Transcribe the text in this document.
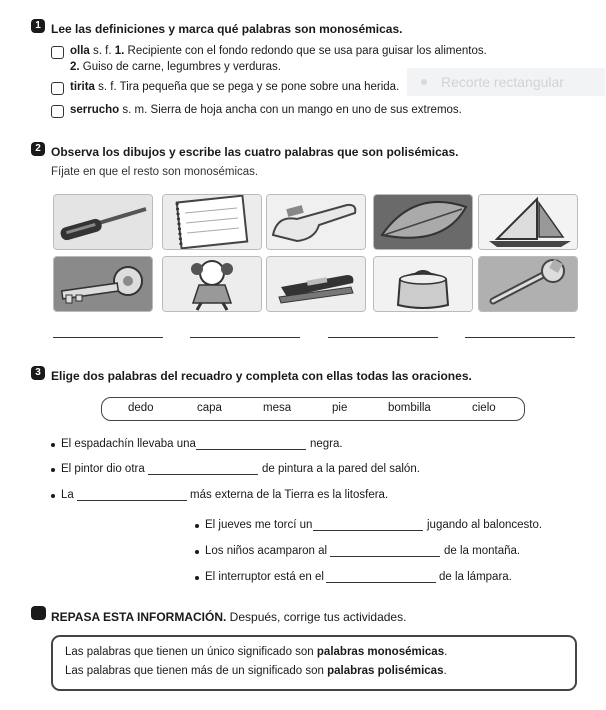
Recorte rectangular
1 Lee las definiciones y marca qué palabras son monosémicas.
olla s. f. 1. Recipiente con el fondo redondo que se usa para guisar los alimentos.
2. Guiso de carne, legumbres y verduras.
tirita s. f. Tira pequeña que se pega y se pone sobre una herida.
serrucho s. m. Sierra de hoja ancha con un mango en uno de sus extremos.
2 Observa los dibujos y escribe las cuatro palabras que son polisémicas.
Fíjate en que el resto son monosémicas.
3 Elige dos palabras del recuadro y completa con ellas todas las oraciones.
dedo	capa	mesa	pie	bombilla	cielo
El espadachín llevaba una	negra.
El pintor dio otra	de pintura a la pared del salón.
La	más externa de la Tierra es la litosfera.
El jueves me torcí un	jugando al baloncesto.
Los niños acamparon al	de la montaña.
El interruptor está en el	de la lámpara.
REPASA ESTA INFORMACIÓN. Después, corrige tus actividades.
Las palabras que tienen un único significado son palabras monosémicas.
Las palabras que tienen más de un significado son palabras polisémicas.
